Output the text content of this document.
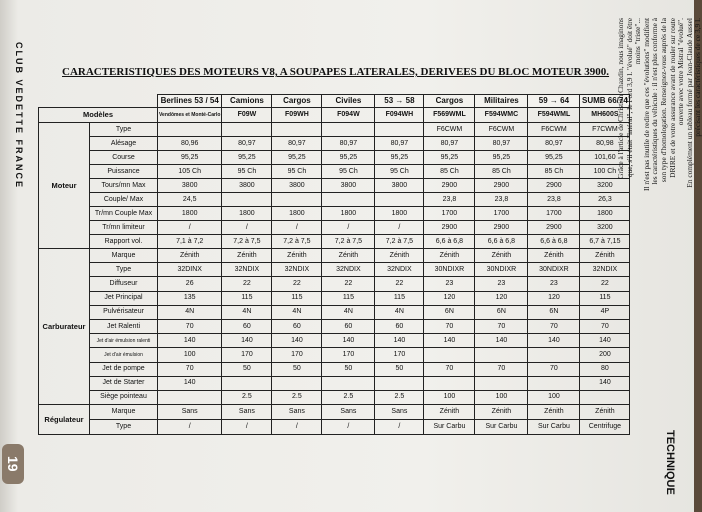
CLUB VEDETTE FRANCE
19
CARACTERISTIQUES DES MOTEURS V8, A SOUPAPES LATERALES, DERIVEES DU BLOC MOTEUR 3900.
		Berlines 53 / 54	Camions	Cargos	Civiles	53 → 58	Cargos	Militaires	59 → 64	SUMB 66/74
Modèles		Vendômes et Monté-Carlo	F09W	F09WH	F094W	F094WH	F569WML	F594WMC	F594WML	MH600S
Moteur	Type						F6CWM	F6CWM	F6CWM	F7CWM
	Alésage	80,96	80,97	80,97	80,97	80,97	80,97	80,97	80,97	80,98
	Course	95,25	95,25	95,25	95,25	95,25	95,25	95,25	95,25	101,60
	Puissance	105 Ch	95 Ch	95 Ch	95 Ch	95 Ch	85 Ch	85 Ch	85 Ch	100 Ch
	Tours/mn Max	3800	3800	3800	3800	3800	2900	2900	2900	3200
	Couple/ Max	24,5					23,8	23,8	23,8	26,3
	Tr/mn Couple Max	1800	1800	1800	1800	1800	1700	1700	1700	1800
	Tr/mn limiteur	/	/	/	/	/	2900	2900	2900	3200
	Rapport vol.	7,1 à 7,2	7,2 à 7,5	7,2 à 7,5	7,2 à 7,5	7,2 à 7,5	6,6 à 6,8	6,6 à 6,8	6,6 à 6,8	6,7 à 7,15
Carburateur	Marque	Zénith	Zénith	Zénith	Zénith	Zénith	Zénith	Zénith	Zénith	Zénith
	Type	32DINX	32NDIX	32NDIX	32NDIX	32NDIX	30NDIXR	30NDIXR	30NDIXR	32NDIX
	Diffuseur	26	22	22	22	22	23	23	23	22
	Jet Principal	135	115	115	115	115	120	120	120	115
	Pulvérisateur	4N	4N	4N	4N	4N	6N	6N	6N	4P
	Jet Ralenti	70	60	60	60	60	70	70	70	70
	Jet d'air émulsion ralenti	140	140	140	140	140	140	140	140	140
	Jet d'air émulsion	100	170	170	170	170				200
	Jet de pompe	70	50	50	50	50	70	70	70	80
	Jet de Starter	140								140
	Siège pointeau		2.5	2.5	2.5	2.5	100	100	100	
Régulateur	Marque	Sans	Sans	Sans	Sans	Sans	Zénith	Zénith	Zénith	Zénith
	Type	/	/	/	/	/	Sur Carbu	Sur Carbu	Sur Carbu	Centrifuge
TECHNIQUE
Grâce à l'article de Christian Chazdin, nous imaginons que, s'il était "latéral", le Ford 3,9 l. "évolué" doit être moins "triste"... Il n'est pas inutile de redire que ces "évolutions" modifient les caractéristiques du véhicule : il n'est plus conforme à son type d'homologation. Renseignez-vous auprès de la DRIRE et de votre assurance avant de rouler sur route ouverte avec votre Mistral "évolué". En complément un tableau formé par Jean-Claude Aussel précisant les caractéristiques de ce 3,9 l.
